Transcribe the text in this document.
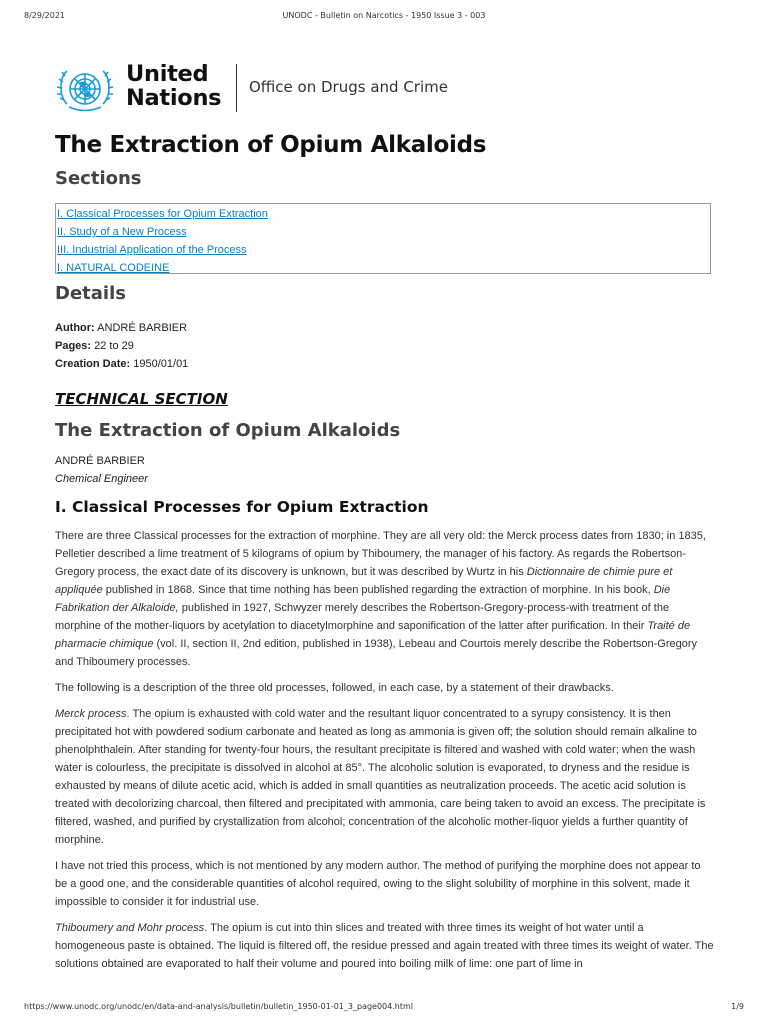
8/29/2021	UNODC - Bulletin on Narcotics - 1950 Issue 3 - 003
United
Nations Office on Drugs and Crime
The Extraction of Opium Alkaloids
Sections
I. Classical Processes for Opium Extraction
II. Study of a New Process
III. Industrial Application of the Process
I. NATURAL CODEINE
Details
Author: ANDRÉ BARBIER
Pages: 22 to 29
Creation Date: 1950/01/01
TECHNICAL SECTION
The Extraction of Opium Alkaloids
ANDRÉ BARBIER
Chemical Engineer
I. Classical Processes for Opium Extraction

There are three Classical processes for the extraction of morphine. They are all very old: the Merck process dates from 1830; in 1835, Pelletier described a lime treatment of 5 kilograms of opium by Thiboumery, the manager of his factory. As regards the Robertson-Gregory process, the exact date of its discovery is unknown, but it was described by Wurtz in his Dictionnaire de chimie pure et appliquée published in 1868. Since that time nothing has been published regarding the extraction of morphine. In his book, Die Fabrikation der Alkaloide, published in 1927, Schwyzer merely describes the Robertson-Gregory-process-with treatment of the morphine of the mother-liquors by acetylation to diacetylmorphine and saponification of the latter after purification. In their Traité de pharmacie chimique (vol. II, section II, 2nd edition, published in 1938), Lebeau and Courtois merely describe the Robertson-Gregory and Thiboumery processes.

The following is a description of the three old processes, followed, in each case, by a statement of their drawbacks.

Merck process. The opium is exhausted with cold water and the resultant liquor concentrated to a syrupy consistency. It is then precipitated hot with powdered sodium carbonate and heated as long as ammonia is given off; the solution should remain alkaline to phenolphthalein. After standing for twenty-four hours, the resultant precipitate is filtered and washed with cold water; when the wash water is colourless, the precipitate is dissolved in alcohol at 85°. The alcoholic solution is evaporated, to dryness and the residue is exhausted by means of dilute acetic acid, which is added in small quantities as neutralization proceeds. The acetic acid solution is treated with decolorizing charcoal, then filtered and precipitated with ammonia, care being taken to avoid an excess. The precipitate is filtered, washed, and purified by crystallization from alcohol; concentration of the alcoholic mother-liquor yields a further quantity of morphine.

I have not tried this process, which is not mentioned by any modern author. The method of purifying the morphine does not appear to be a good one, and the considerable quantities of alcohol required, owing to the slight solubility of morphine in this solvent, made it impossible to consider it for industrial use.

Thiboumery and Mohr process. The opium is cut into thin slices and treated with three times its weight of hot water until a homogeneous paste is obtained. The liquid is filtered off, the residue pressed and again treated with three times its weight of water. The solutions obtained are evaporated to half their volume and poured into boiling milk of lime: one part of lime in

https://www.unodc.org/unodc/en/data-and-analysis/bulletin/bulletin_1950-01-01_3_page004.html	1/9
